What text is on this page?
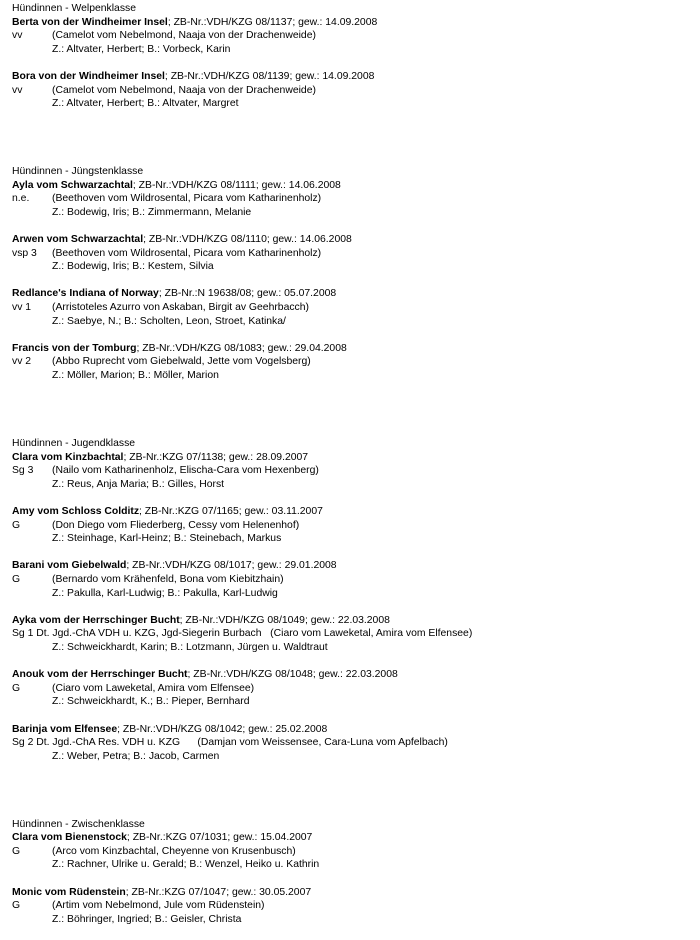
Hündinnen - Welpenklasse
Berta von der Windheimer Insel; ZB-Nr.:VDH/KZG 08/1137; gew.: 14.09.2008
vv	(Camelot vom Nebelmond, Naaja von der Drachenweide)
Z.: Altvater, Herbert; B.: Vorbeck, Karin
Bora von der Windheimer Insel; ZB-Nr.:VDH/KZG 08/1139; gew.: 14.09.2008
vv	(Camelot vom Nebelmond, Naaja von der Drachenweide)
Z.: Altvater, Herbert; B.: Altvater, Margret
Hündinnen - Jüngstenklasse
Ayla vom Schwarzachtal; ZB-Nr.:VDH/KZG 08/1111; gew.: 14.06.2008
n.e. (Beethoven vom Wildrosental, Picara vom Katharinenholz)
Z.: Bodewig, Iris; B.: Zimmermann, Melanie
Arwen vom Schwarzachtal; ZB-Nr.:VDH/KZG 08/1110; gew.: 14.06.2008
vsp 3 (Beethoven vom Wildrosental, Picara vom Katharinenholz)
Z.: Bodewig, Iris; B.: Kestem, Silvia
Redlance's Indiana of Norway; ZB-Nr.:N 19638/08; gew.: 05.07.2008
vv 1 (Arristoteles Azurro von Askaban, Birgit av Geehrbacch)
Z.: Saebye, N.; B.: Scholten, Leon, Stroet, Katinka/
Francis von der Tomburg; ZB-Nr.:VDH/KZG 08/1083; gew.: 29.04.2008
vv 2 (Abbo Ruprecht vom Giebelwald, Jette vom Vogelsberg)
Z.: Möller, Marion; B.: Möller, Marion
Hündinnen - Jugendklasse
Clara vom Kinzbachtal; ZB-Nr.:KZG 07/1138; gew.: 28.09.2007
Sg 3 (Nailo vom Katharinenholz, Elischa-Cara vom Hexenberg)
Z.: Reus, Anja Maria; B.: Gilles, Horst
Amy vom Schloss Colditz; ZB-Nr.:KZG 07/1165; gew.: 03.11.2007
G	(Don Diego vom Fliederberg, Cessy vom Helenenhof)
Z.: Steinhage, Karl-Heinz; B.: Steinebach, Markus
Barani vom Giebelwald; ZB-Nr.:VDH/KZG 08/1017; gew.: 29.01.2008
G	(Bernardo vom Krähenfeld, Bona vom Kiebitzhain)
Z.: Pakulla, Karl-Ludwig; B.: Pakulla, Karl-Ludwig
Ayka vom der Herrschinger Bucht; ZB-Nr.:VDH/KZG 08/1049; gew.: 22.03.2008
Sg 1 Dt. Jgd.-ChA VDH u. KZG, Jgd-Siegerin Burbach (Ciaro vom Laweketal, Amira vom Elfensee)
Z.: Schweickhardt, Karin; B.: Lotzmann, Jürgen u. Waldtraut
Anouk vom der Herrschinger Bucht; ZB-Nr.:VDH/KZG 08/1048; gew.: 22.03.2008
G	(Ciaro vom Laweketal, Amira vom Elfensee)
Z.: Schweickhardt, K.; B.: Pieper, Bernhard
Barinja vom Elfensee; ZB-Nr.:VDH/KZG 08/1042; gew.: 25.02.2008
Sg 2 Dt. Jgd.-ChA Res. VDH u. KZG (Damjan vom Weissensee, Cara-Luna vom Apfelbach)
Z.: Weber, Petra; B.: Jacob, Carmen
Hündinnen - Zwischenklasse
Clara vom Bienenstock; ZB-Nr.:KZG 07/1031; gew.: 15.04.2007
G	(Arco vom Kinzbachtal, Cheyenne von Krusenbusch)
Z.: Rachner, Ulrike u. Gerald; B.: Wenzel, Heiko u. Kathrin
Monic vom Rüdenstein; ZB-Nr.:KZG 07/1047; gew.: 30.05.2007
G	(Artim vom Nebelmond, Jule vom Rüdenstein)
Z.: Böhringer, Ingried; B.: Geisler, Christa
